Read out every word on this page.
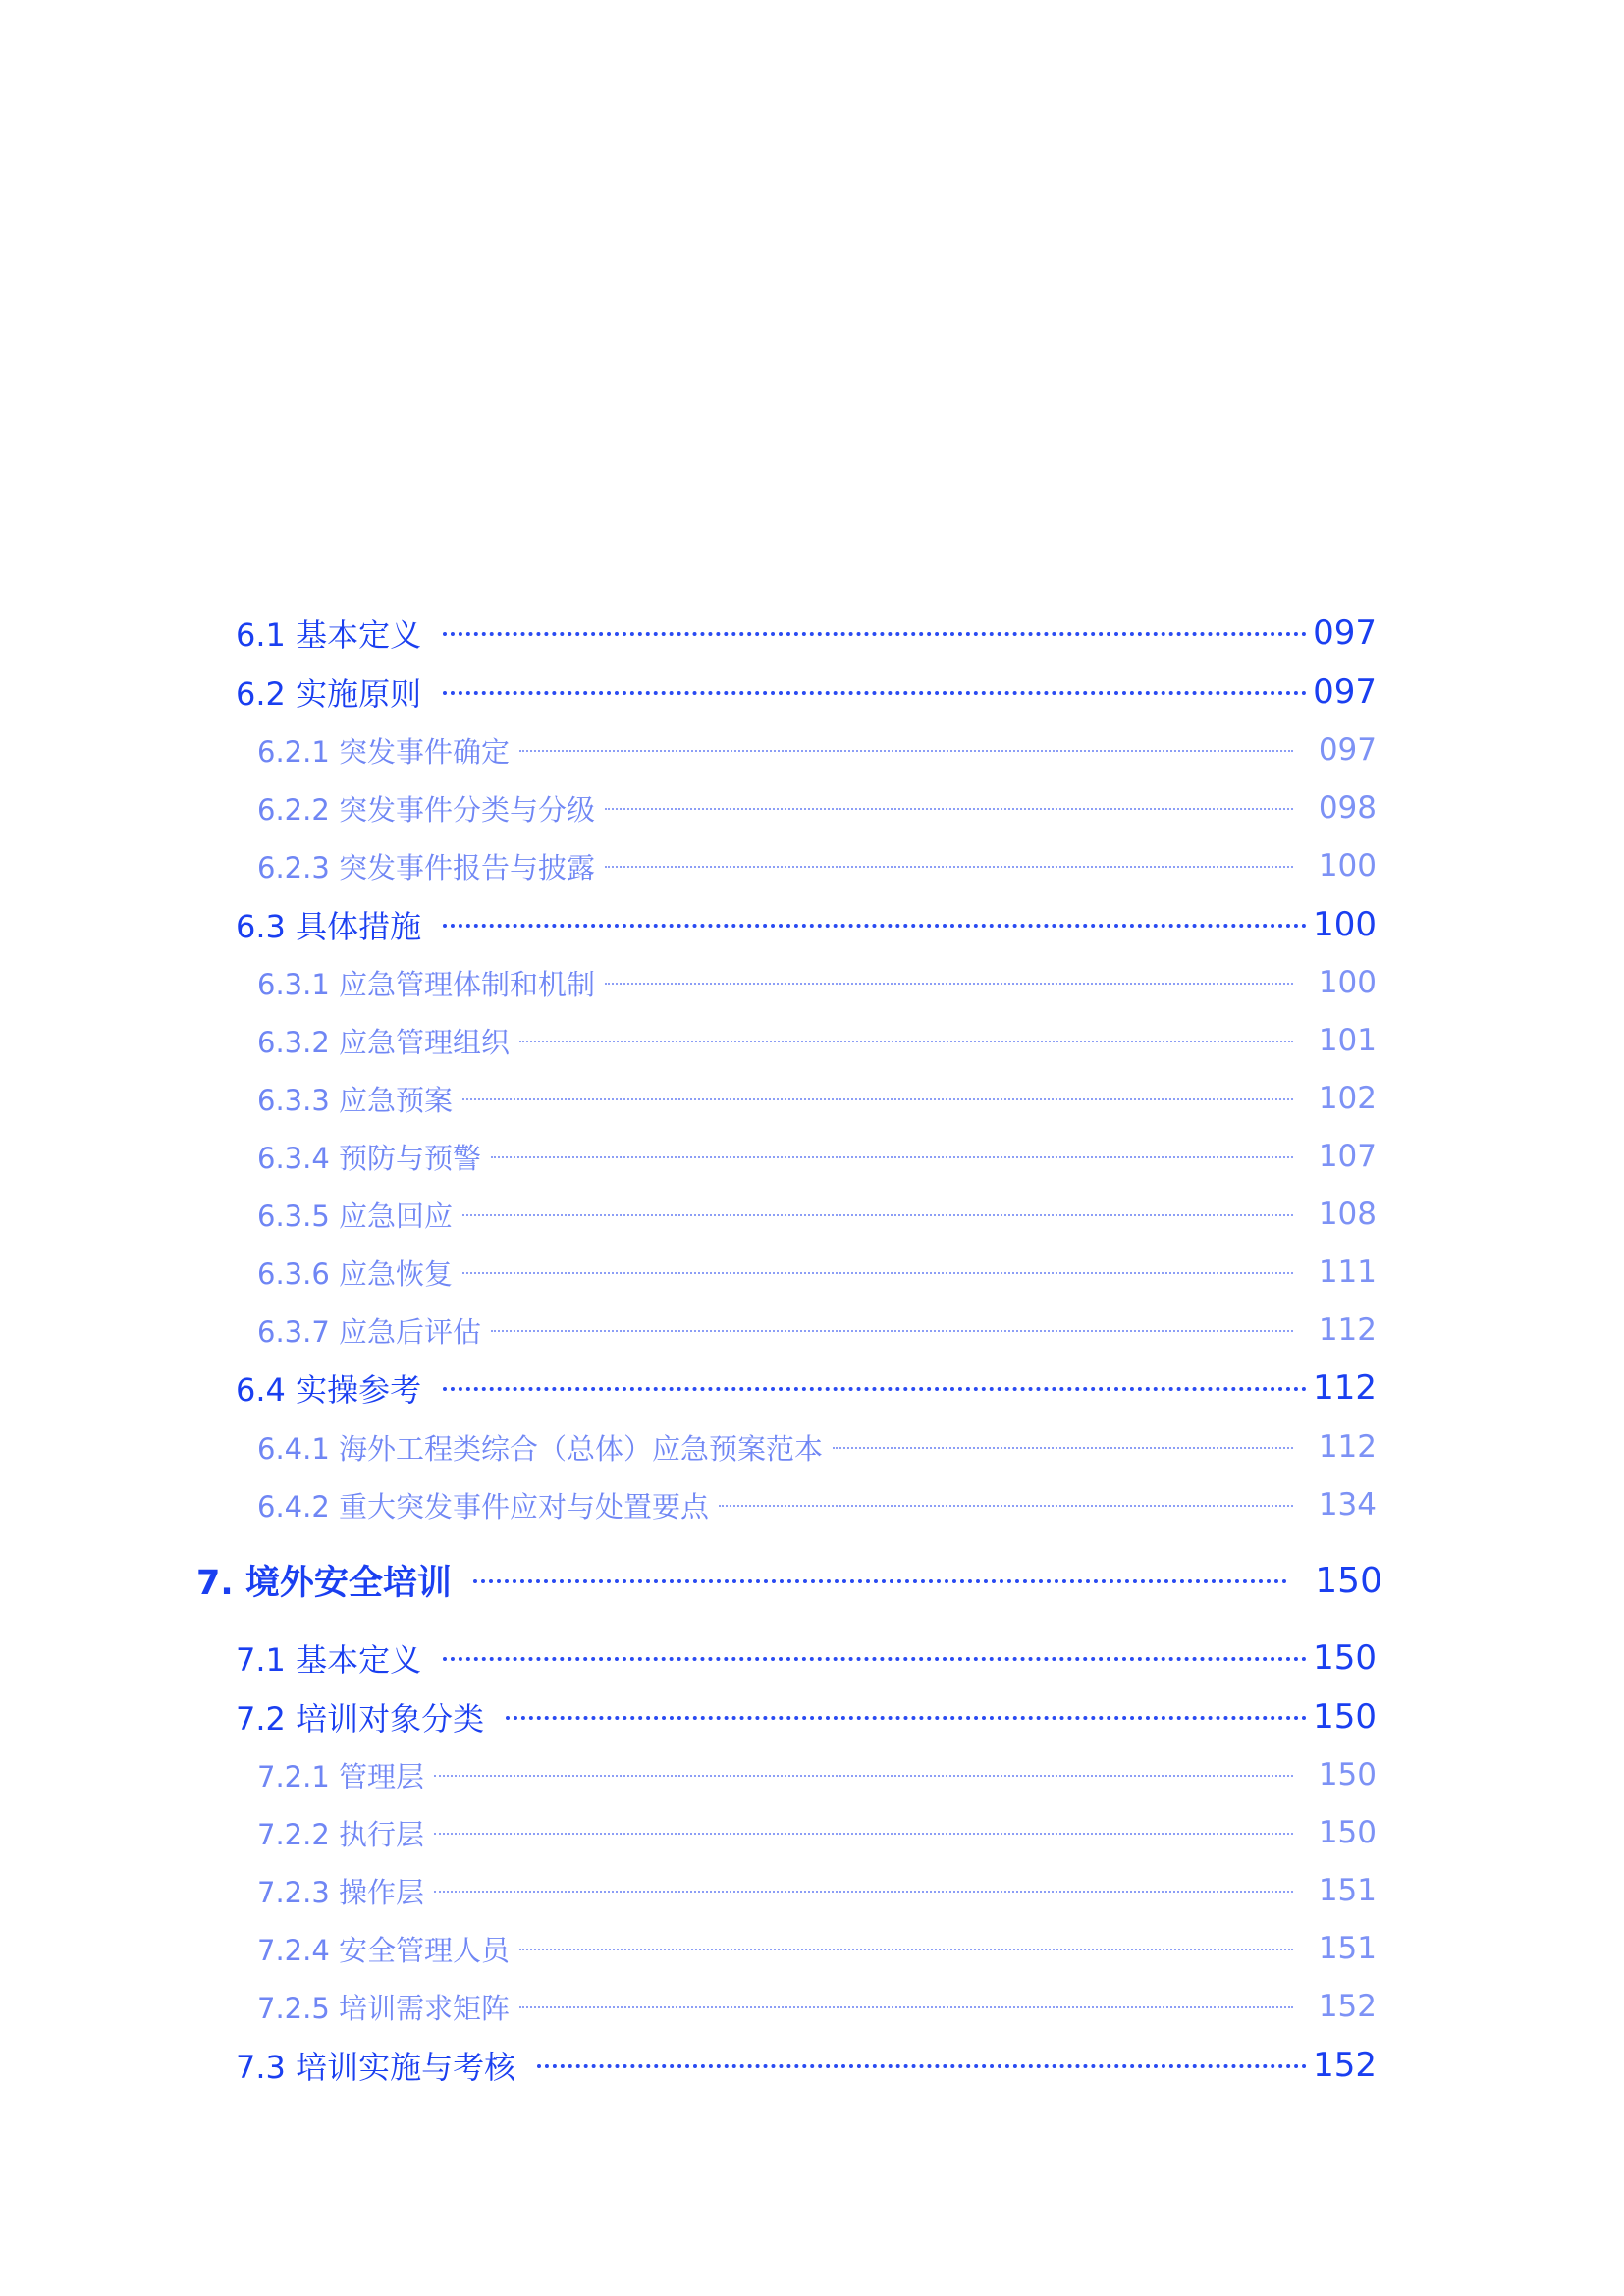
6.1 基本定义	097
6.2 实施原则	097
6.2.1 突发事件确定	097
6.2.2 突发事件分类与分级	098
6.2.3 突发事件报告与披露	100
6.3 具体措施	100
6.3.1 应急管理体制和机制	100
6.3.2 应急管理组织	101
6.3.3 应急预案	102
6.3.4 预防与预警	107
6.3.5 应急回应	108
6.3.6 应急恢复	111
6.3.7 应急后评估	112
6.4 实操参考	112
6.4.1 海外工程类综合（总体）应急预案范本	112
6.4.2 重大突发事件应对与处置要点	134
7. 境外安全培训	150
7.1 基本定义	150
7.2 培训对象分类	150
7.2.1 管理层	150
7.2.2 执行层	150
7.2.3 操作层	151
7.2.4 安全管理人员	151
7.2.5 培训需求矩阵	152
7.3 培训实施与考核	152
